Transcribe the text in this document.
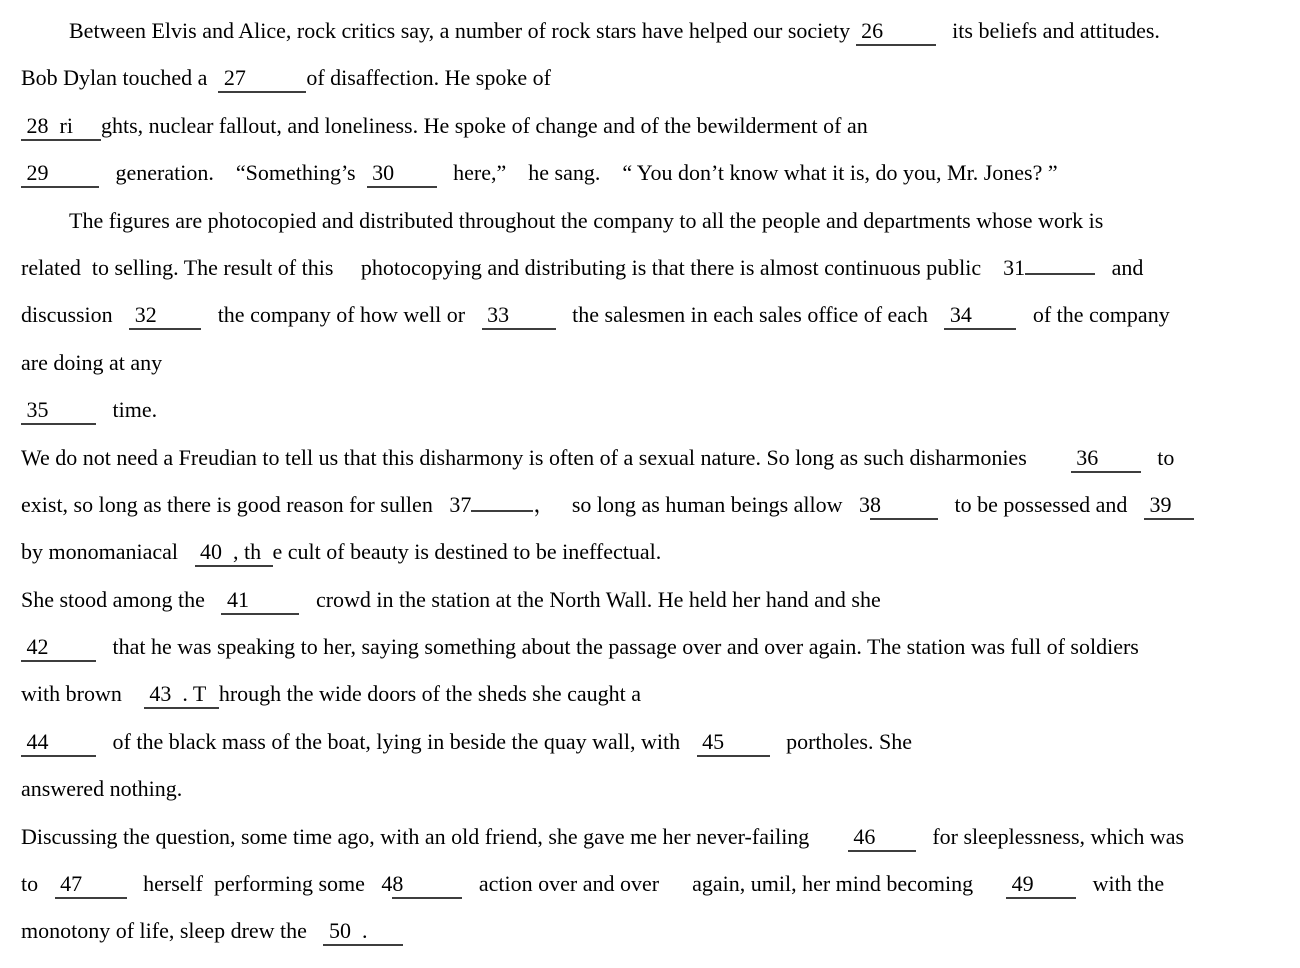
Between Elvis and Alice, rock critics say, a number of rock stars have helped our society  26   its beliefs and attitudes.
Bob Dylan touched a   27	of disaffection. He spoke of
28  ri ghts, nuclear fallout, and loneliness. He spoke of change and of the bewilderment of an
29   generation.    “Something’s   30   here,”    he sang.    “ You don’t know what it is, do you, Mr. Jones? ”
The figures are photocopied and distributed throughout the company to all the people and departments whose work is
related  to selling. The result of this     photocopying and distributing is that there is almost continuous public    31	and
discussion    32   the company of how well or    33   the salesmen in each sales office of each    34   of the company
are doing at any
35   time.
We do not need a Freudian to tell us that this disharmony is often of a sexual nature. So long as such disharmonies         36   to
exist, so long as there is good reason for sullen   37	，   so long as human beings allow   38	to be possessed and    39
by monomaniacal    40  , th e cult of beauty is destined to be ineffectual.
She stood among the    41   crowd in the station at the North Wall. He held her hand and she
42   that he was speaking to her, saying something about the passage over and over again. The station was full of soldiers
with brown     43  . T hrough the wide doors of the sheds she caught a
44   of the black mass of the boat, lying in beside the quay wall, with    45   portholes. She
answered nothing.
Discussing the question, some time ago, with an old friend, she gave me her never-failing        46   for sleeplessness, which was
to    47   herself  performing some   48	action over and over      again, umil, her mind becoming       49   with the
monotony of life, sleep drew the    50  .
